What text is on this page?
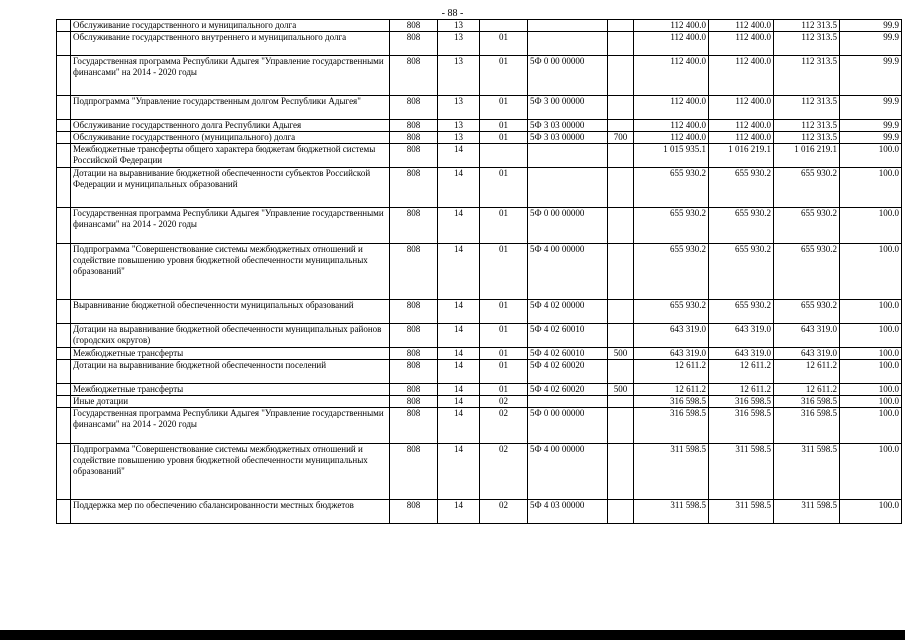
- 88 -
	Обслуживание государственного и муниципального долга	808	13				112 400.0	112 400.0	112 313.5	99.9
	Обслуживание государственного внутреннего и муниципального долга	808	13	01			112 400.0	112 400.0	112 313.5	99.9
	Государственная программа Республики Адыгея "Управление государственными финансами" на 2014 - 2020 годы	808	13	01	5Ф 0 00 00000		112 400.0	112 400.0	112 313.5	99.9
	Подпрограмма "Управление государственным долгом Республики Адыгея"	808	13	01	5Ф 3 00 00000		112 400.0	112 400.0	112 313.5	99.9
	Обслуживание государственного долга Республики Адыгея	808	13	01	5Ф 3 03 00000		112 400.0	112 400.0	112 313.5	99.9
	Обслуживание государственного (муниципального) долга	808	13	01	5Ф 3 03 00000	700	112 400.0	112 400.0	112 313.5	99.9
	Межбюджетные трансферты общего характера бюджетам бюджетной системы Российской Федерации	808	14				1 015 935.1	1 016 219.1	1 016 219.1	100.0
	Дотации на выравнивание бюджетной обеспеченности субъектов Российской Федерации и муниципальных образований	808	14	01			655 930.2	655 930.2	655 930.2	100.0
	Государственная программа Республики Адыгея "Управление государственными финансами" на 2014 - 2020 годы	808	14	01	5Ф 0 00 00000		655 930.2	655 930.2	655 930.2	100.0
	Подпрограмма "Совершенствование системы межбюджетных отношений и содействие повышению уровня бюджетной обеспеченности муниципальных образований"	808	14	01	5Ф 4 00 00000		655 930.2	655 930.2	655 930.2	100.0
	Выравнивание бюджетной обеспеченности муниципальных образований	808	14	01	5Ф 4 02 00000		655 930.2	655 930.2	655 930.2	100.0
	Дотации на выравнивание бюджетной обеспеченности муниципальных районов (городских округов)	808	14	01	5Ф 4 02 60010		643 319.0	643 319.0	643 319.0	100.0
	Межбюджетные трансферты	808	14	01	5Ф 4 02 60010	500	643 319.0	643 319.0	643 319.0	100.0
	Дотации на выравнивание бюджетной обеспеченности поселений	808	14	01	5Ф 4 02 60020		12 611.2	12 611.2	12 611.2	100.0
	Межбюджетные трансферты	808	14	01	5Ф 4 02 60020	500	12 611.2	12 611.2	12 611.2	100.0
	Иные дотации	808	14	02			316 598.5	316 598.5	316 598.5	100.0
	Государственная программа Республики Адыгея "Управление государственными финансами" на 2014 - 2020 годы	808	14	02	5Ф 0 00 00000		316 598.5	316 598.5	316 598.5	100.0
	Подпрограмма "Совершенствование системы межбюджетных отношений и содействие повышению уровня бюджетной обеспеченности муниципальных образований"	808	14	02	5Ф 4 00 00000		311 598.5	311 598.5	311 598.5	100.0
	Поддержка мер по обеспечению сбалансированности местных бюджетов	808	14	02	5Ф 4 03 00000		311 598.5	311 598.5	311 598.5	100.0
